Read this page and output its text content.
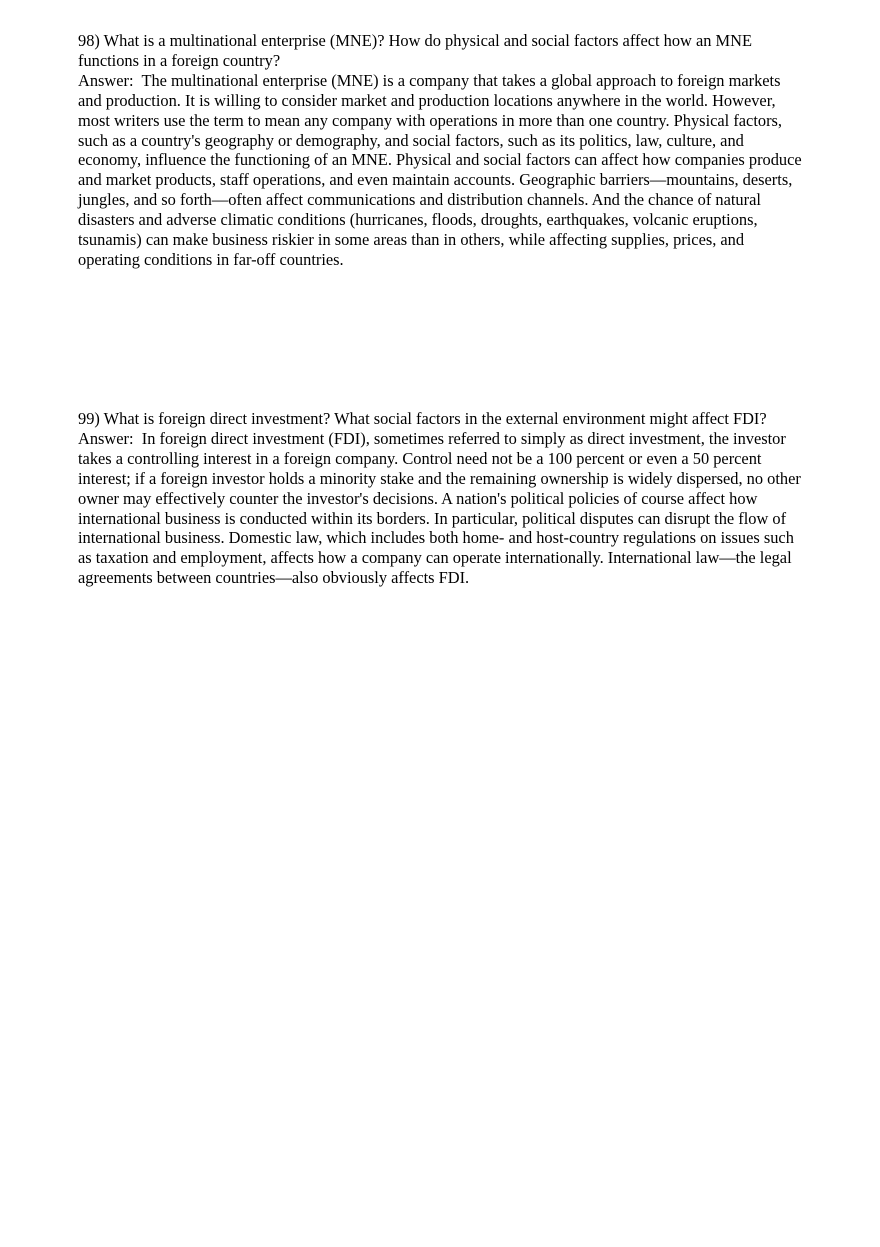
98) What is a multinational enterprise (MNE)? How do physical and social factors affect how an MNE functions in a foreign country?

Answer: The multinational enterprise (MNE) is a company that takes a global approach to foreign markets and production. It is willing to consider market and production locations anywhere in the world. However, most writers use the term to mean any company with operations in more than one country. Physical factors, such as a country's geography or demography, and social factors, such as its politics, law, culture, and economy, influence the functioning of an MNE. Physical and social factors can affect how companies produce and market products, staff operations, and even maintain accounts. Geographic barriers—mountains, deserts, jungles, and so forth—often affect communications and distribution channels. And the chance of natural disasters and adverse climatic conditions (hurricanes, floods, droughts, earthquakes, volcanic eruptions, tsunamis) can make business riskier in some areas than in others, while affecting supplies, prices, and operating conditions in far-off countries.

99) What is foreign direct investment? What social factors in the external environment might affect FDI?

Answer: In foreign direct investment (FDI), sometimes referred to simply as direct investment, the investor takes a controlling interest in a foreign company. Control need not be a 100 percent or even a 50 percent interest; if a foreign investor holds a minority stake and the remaining ownership is widely dispersed, no other owner may effectively counter the investor's decisions. A nation's political policies of course affect how international business is conducted within its borders. In particular, political disputes can disrupt the flow of international business. Domestic law, which includes both home- and host-country regulations on issues such as taxation and employment, affects how a company can operate internationally. International law—the legal agreements between countries—also obviously affects FDI.
